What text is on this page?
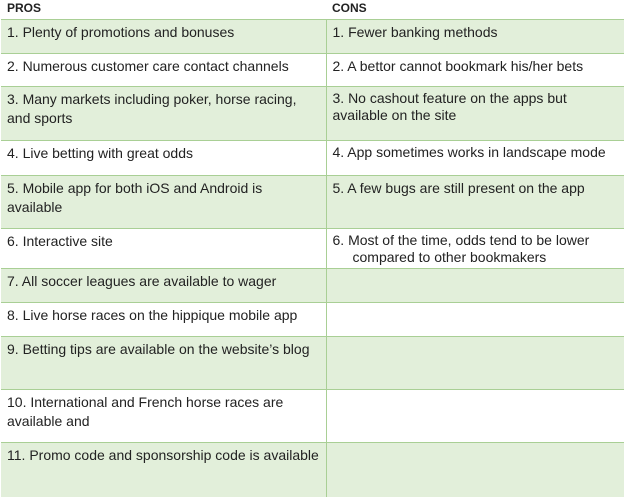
PROS	CONS

1. Plenty of promotions and bonuses	1. Fewer banking methods

2. Numerous customer care contact channels	2. A bettor cannot bookmark his/her bets

3. Many markets including poker, horse racing, and sports	3. No cashout feature on the apps but available on the site

4. Live betting with great odds	4. App sometimes works in landscape mode

5. Mobile app for both iOS and Android is available	5. A few bugs are still present on the app

6. Interactive site	6. Most of the time, odds tend to be lower compared to other bookmakers

7. All soccer leagues are available to wager	

8. Live horse races on the hippique mobile app	

9. Betting tips are available on the website’s blog	

10. International and French horse races are available and	

11. Promo code and sponsorship code is available	
